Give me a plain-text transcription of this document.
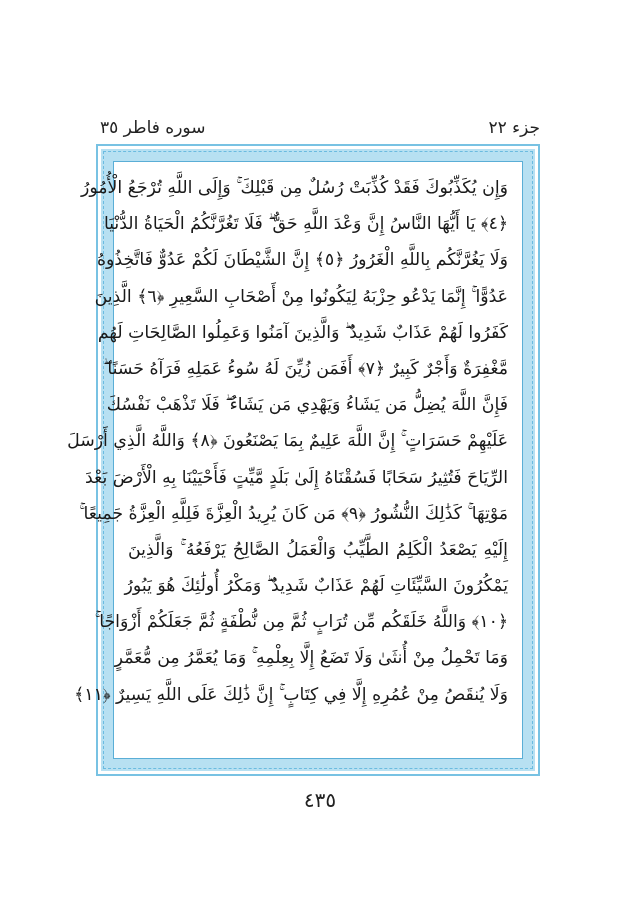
جزء ٢٢
سوره فاطر ٣٥
وَإِن يُكَذِّبُوكَ فَقَدْ كُذِّبَتْ رُسُلٌ مِن قَبْلِكَ ۚ وَإِلَى اللَّهِ تُرْجَعُ الْأُمُورُ
﴿٤﴾ يَا أَيُّهَا النَّاسُ إِنَّ وَعْدَ اللَّهِ حَقٌّ ۖ فَلَا تَغُرَّنَّكُمُ الْحَيَاةُ الدُّنْيَا
وَلَا يَغُرَّنَّكُم بِاللَّهِ الْغَرُورُ ﴿٥﴾ إِنَّ الشَّيْطَانَ لَكُمْ عَدُوٌّ فَاتَّخِذُوهُ
عَدُوًّا ۚ إِنَّمَا يَدْعُو حِزْبَهُ لِيَكُونُوا مِنْ أَصْحَابِ السَّعِيرِ ﴿٦﴾ الَّذِينَ
كَفَرُوا لَهُمْ عَذَابٌ شَدِيدٌ ۖ وَالَّذِينَ آمَنُوا وَعَمِلُوا الصَّالِحَاتِ لَهُم
مَّغْفِرَةٌ وَأَجْرٌ كَبِيرٌ ﴿٧﴾ أَفَمَن زُيِّنَ لَهُ سُوءُ عَمَلِهِ فَرَآهُ حَسَنًا ۖ
فَإِنَّ اللَّهَ يُضِلُّ مَن يَشَاءُ وَيَهْدِي مَن يَشَاءُ ۖ فَلَا تَذْهَبْ نَفْسُكَ
عَلَيْهِمْ حَسَرَاتٍ ۚ إِنَّ اللَّهَ عَلِيمٌ بِمَا يَصْنَعُونَ ﴿٨﴾ وَاللَّهُ الَّذِي أَرْسَلَ
الرِّيَاحَ فَتُثِيرُ سَحَابًا فَسُقْنَاهُ إِلَىٰ بَلَدٍ مَّيِّتٍ فَأَحْيَيْنَا بِهِ الْأَرْضَ بَعْدَ
مَوْتِهَا ۚ كَذَٰلِكَ النُّشُورُ ﴿٩﴾ مَن كَانَ يُرِيدُ الْعِزَّةَ فَلِلَّهِ الْعِزَّةُ جَمِيعًا ۚ
إِلَيْهِ يَصْعَدُ الْكَلِمُ الطَّيِّبُ وَالْعَمَلُ الصَّالِحُ يَرْفَعُهُ ۚ وَالَّذِينَ
يَمْكُرُونَ السَّيِّئَاتِ لَهُمْ عَذَابٌ شَدِيدٌ ۖ وَمَكْرُ أُولَٰئِكَ هُوَ يَبُورُ
﴿١٠﴾ وَاللَّهُ خَلَقَكُم مِّن تُرَابٍ ثُمَّ مِن نُّطْفَةٍ ثُمَّ جَعَلَكُمْ أَزْوَاجًا ۚ
وَمَا تَحْمِلُ مِنْ أُنثَىٰ وَلَا تَضَعُ إِلَّا بِعِلْمِهِ ۚ وَمَا يُعَمَّرُ مِن مُّعَمَّرٍ
وَلَا يُنقَصُ مِنْ عُمُرِهِ إِلَّا فِي كِتَابٍ ۚ إِنَّ ذَٰلِكَ عَلَى اللَّهِ يَسِيرٌ ﴿١١﴾
٤٣٥
